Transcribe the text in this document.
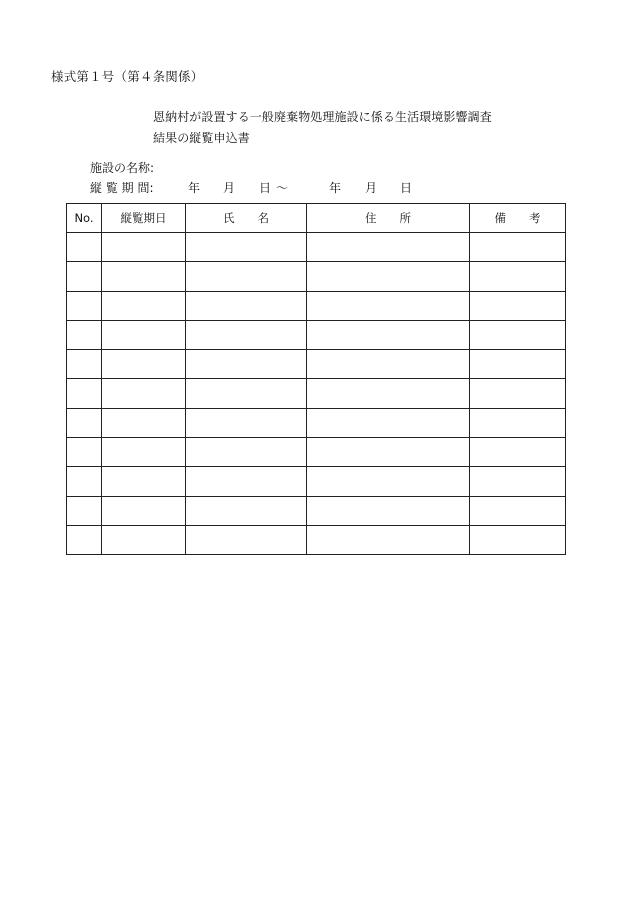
様式第１号（第４条関係）
恩納村が設置する一般廃棄物処理施設に係る生活環境影響調査
結果の縦覧申込書
施設の名称:
縦 覧 期 間:	年 月 日 〜	年 月 日
No.	縦覧期日	氏　　名	住　　所	備　　考
